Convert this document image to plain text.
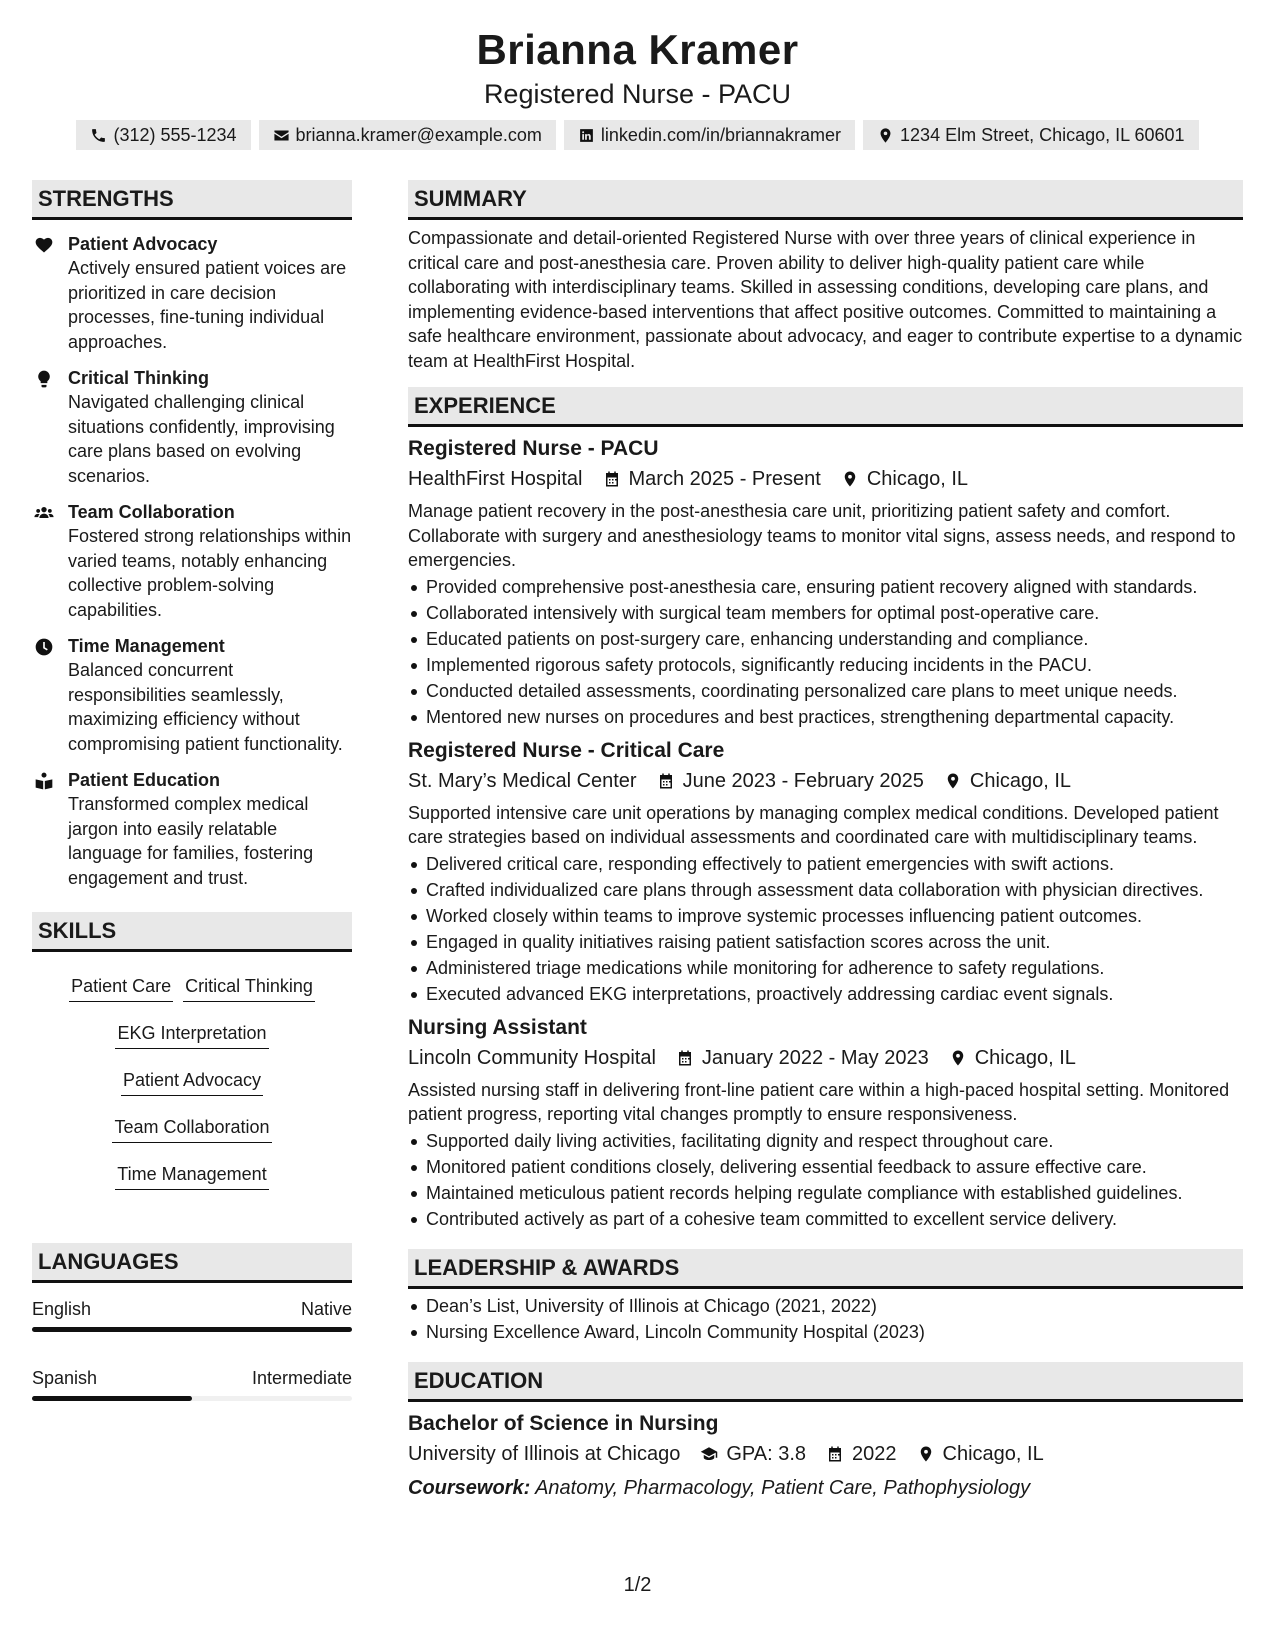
Brianna Kramer
Registered Nurse - PACU
(312) 555-1234	brianna.kramer@example.com	linkedin.com/in/briannakramer	1234 Elm Street, Chicago, IL 60601
STRENGTHS
Patient Advocacy
Actively ensured patient voices are prioritized in care decision processes, fine-tuning individual approaches.
Critical Thinking
Navigated challenging clinical situations confidently, improvising care plans based on evolving scenarios.
Team Collaboration
Fostered strong relationships within varied teams, notably enhancing collective problem-solving capabilities.
Time Management
Balanced concurrent responsibilities seamlessly, maximizing efficiency without compromising patient functionality.
Patient Education
Transformed complex medical jargon into easily relatable language for families, fostering engagement and trust.
SKILLS
Patient Care Critical Thinking
EKG Interpretation
Patient Advocacy
Team Collaboration
Time Management
LANGUAGES
English	Native
Spanish	Intermediate
SUMMARY
Compassionate and detail-oriented Registered Nurse with over three years of clinical experience in critical care and post-anesthesia care. Proven ability to deliver high-quality patient care while collaborating with interdisciplinary teams. Skilled in assessing conditions, developing care plans, and implementing evidence-based interventions that affect positive outcomes. Committed to maintaining a safe healthcare environment, passionate about advocacy, and eager to contribute expertise to a dynamic team at HealthFirst Hospital.
EXPERIENCE
Registered Nurse - PACU
HealthFirst Hospital March 2025 - Present Chicago, IL
Manage patient recovery in the post-anesthesia care unit, prioritizing patient safety and comfort. Collaborate with surgery and anesthesiology teams to monitor vital signs, assess needs, and respond to emergencies.
Provided comprehensive post-anesthesia care, ensuring patient recovery aligned with standards.
Collaborated intensively with surgical team members for optimal post-operative care.
Educated patients on post-surgery care, enhancing understanding and compliance.
Implemented rigorous safety protocols, significantly reducing incidents in the PACU.
Conducted detailed assessments, coordinating personalized care plans to meet unique needs.
Mentored new nurses on procedures and best practices, strengthening departmental capacity.
Registered Nurse - Critical Care
St. Mary’s Medical Center June 2023 - February 2025 Chicago, IL
Supported intensive care unit operations by managing complex medical conditions. Developed patient care strategies based on individual assessments and coordinated care with multidisciplinary teams.
Delivered critical care, responding effectively to patient emergencies with swift actions.
Crafted individualized care plans through assessment data collaboration with physician directives.
Worked closely within teams to improve systemic processes influencing patient outcomes.
Engaged in quality initiatives raising patient satisfaction scores across the unit.
Administered triage medications while monitoring for adherence to safety regulations.
Executed advanced EKG interpretations, proactively addressing cardiac event signals.
Nursing Assistant
Lincoln Community Hospital January 2022 - May 2023 Chicago, IL
Assisted nursing staff in delivering front-line patient care within a high-paced hospital setting. Monitored patient progress, reporting vital changes promptly to ensure responsiveness.
Supported daily living activities, facilitating dignity and respect throughout care.
Monitored patient conditions closely, delivering essential feedback to assure effective care.
Maintained meticulous patient records helping regulate compliance with established guidelines.
Contributed actively as part of a cohesive team committed to excellent service delivery.
LEADERSHIP & AWARDS
Dean’s List, University of Illinois at Chicago (2021, 2022)
Nursing Excellence Award, Lincoln Community Hospital (2023)
EDUCATION
Bachelor of Science in Nursing
University of Illinois at Chicago GPA: 3.8 2022 Chicago, IL
Coursework: Anatomy, Pharmacology, Patient Care, Pathophysiology
1/2
